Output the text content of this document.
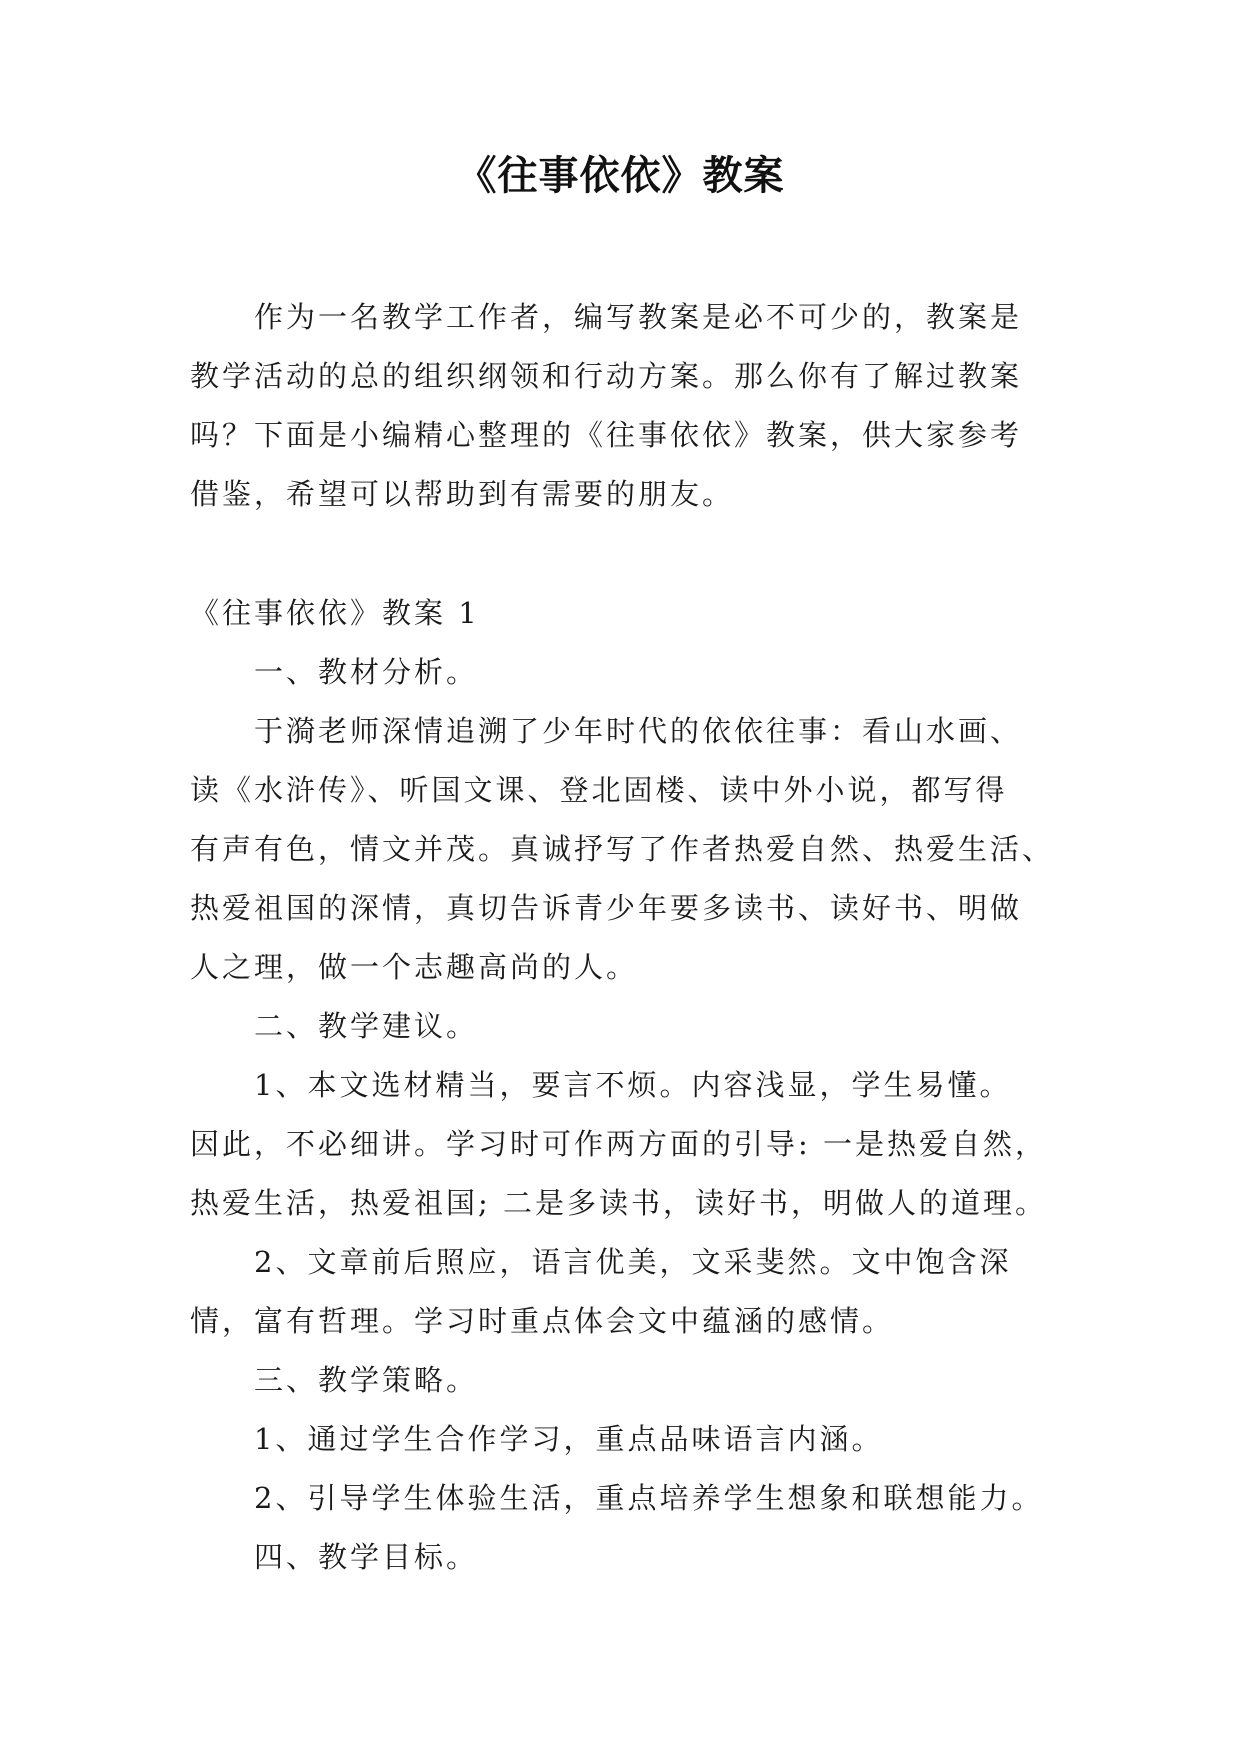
《往事依依》教案

作为一名教学工作者，编写教案是必不可少的，教案是
教学活动的总的组织纲领和行动方案。那么你有了解过教案
吗？下面是小编精心整理的《往事依依》教案，供大家参考
借鉴，希望可以帮助到有需要的朋友。

《往事依依》教案 1

一、教材分析。

于漪老师深情追溯了少年时代的依依往事：看山水画、
读《水浒传》、听国文课、登北固楼、读中外小说，都写得
有声有色，情文并茂。真诚抒写了作者热爱自然、热爱生活、
热爱祖国的深情，真切告诉青少年要多读书、读好书、明做
人之理，做一个志趣高尚的人。

二、教学建议。

1、本文选材精当，要言不烦。内容浅显，学生易懂。
因此，不必细讲。学习时可作两方面的引导: 一是热爱自然，
热爱生活，热爱祖国; 二是多读书，读好书，明做人的道理。

2、文章前后照应，语言优美，文采斐然。文中饱含深
情，富有哲理。学习时重点体会文中蕴涵的感情。

三、教学策略。

1、通过学生合作学习，重点品味语言内涵。

2、引导学生体验生活，重点培养学生想象和联想能力。

四、教学目标。
